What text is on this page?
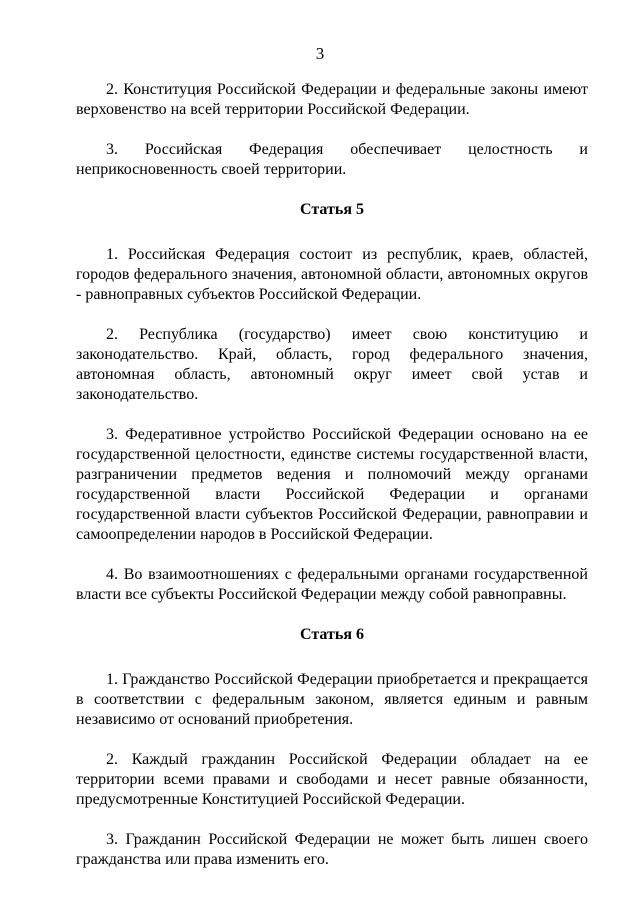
3

2. Конституция Российской Федерации и федеральные законы имеют верховенство на всей территории Российской Федерации.

3. Российская Федерация обеспечивает целостность и неприкосновенность своей территории.

Статья 5

1. Российская Федерация состоит из республик, краев, областей, городов федерального значения, автономной области, автономных округов - равноправных субъектов Российской Федерации.

2. Республика (государство) имеет свою конституцию и законодательство. Край, область, город федерального значения, автономная область, автономный округ имеет свой устав и законодательство.

3. Федеративное устройство Российской Федерации основано на ее государственной целостности, единстве системы государственной власти, разграничении предметов ведения и полномочий между органами государственной власти Российской Федерации и органами государственной власти субъектов Российской Федерации, равноправии и самоопределении народов в Российской Федерации.

4. Во взаимоотношениях с федеральными органами государственной власти все субъекты Российской Федерации между собой равноправны.

Статья 6

1. Гражданство Российской Федерации приобретается и прекращается в соответствии с федеральным законом, является единым и равным независимо от оснований приобретения.

2. Каждый гражданин Российской Федерации обладает на ее территории всеми правами и свободами и несет равные обязанности, предусмотренные Конституцией Российской Федерации.

3. Гражданин Российской Федерации не может быть лишен своего гражданства или права изменить его.
